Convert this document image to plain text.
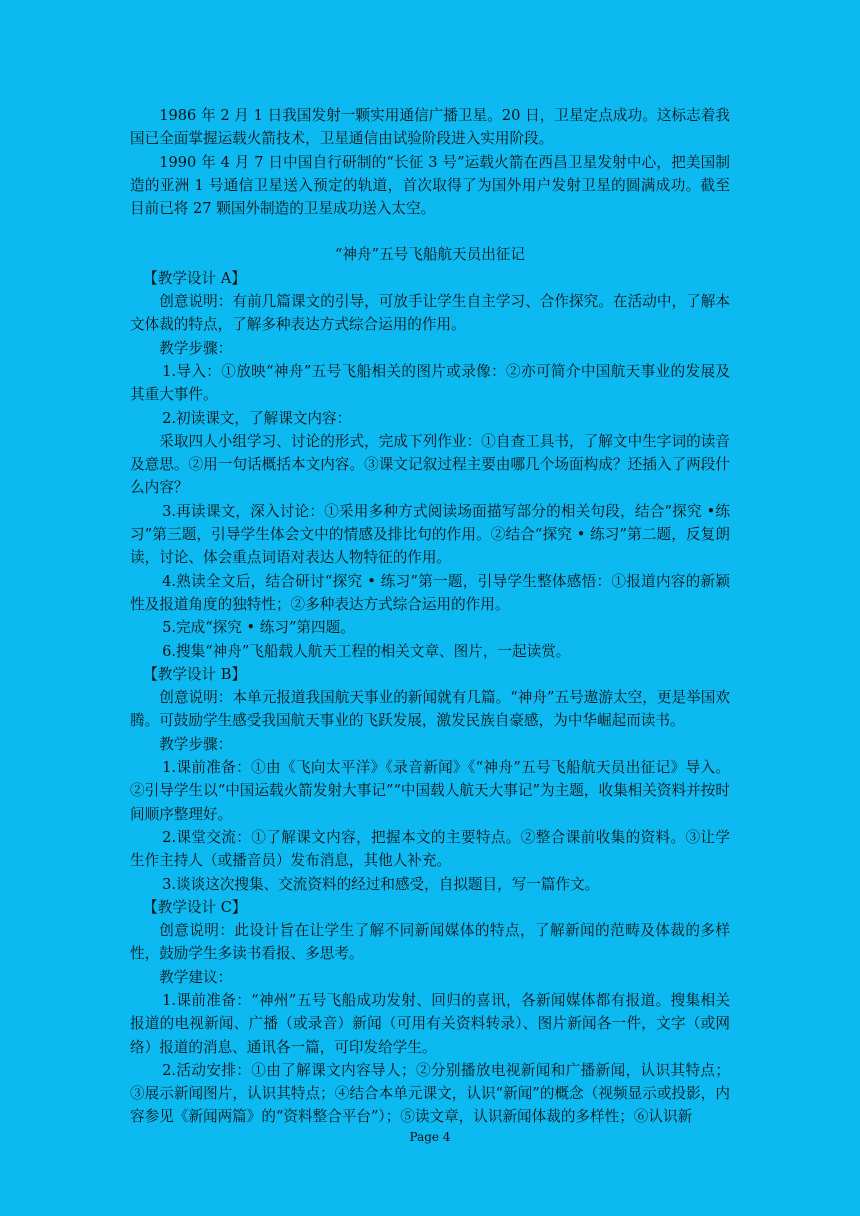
1986 年 2 月 1 日我国发射一颗实用通信广播卫星。20 日，卫星定点成功。这标志着我国已全面掌握运载火箭技术，卫星通信由试验阶段进入实用阶段。

1990 年 4 月 7 日中国自行研制的“长征 3 号”运载火箭在西昌卫星发射中心，把美国制造的亚洲 1 号通信卫星送入预定的轨道，首次取得了为国外用户发射卫星的圆满成功。截至目前已将 27 颗国外制造的卫星成功送入太空。

“神舟”五号飞船航天员出征记

【教学设计 A】

创意说明：有前几篇课文的引导，可放手让学生自主学习、合作探究。在活动中，了解本文体裁的特点，了解多种表达方式综合运用的作用。

教学步骤：

1.导入：①放映“神舟”五号飞船相关的图片或录像：②亦可简介中国航天事业的发展及其重大事件。

2.初读课文，了解课文内容：

采取四人小组学习、讨论的形式，完成下列作业：①自查工具书，了解文中生字词的读音及意思。②用一句话概括本文内容。③课文记叙过程主要由哪几个场面构成？还插入了两段什么内容？

3.再读课文，深入讨论：①采用多种方式阅读场面描写部分的相关句段，结合“探究 •练习”第三题，引导学生体会文中的情感及排比句的作用。②结合“探究 • 练习”第二题，反复朗读，讨论、体会重点词语对表达人物特征的作用。

4.熟读全文后，结合研讨“探究 • 练习”第一题，引导学生整体感悟：①报道内容的新颖性及报道角度的独特性；②多种表达方式综合运用的作用。

5.完成“探究 • 练习”第四题。

6.搜集“神舟”飞船载人航天工程的相关文章、图片，一起读赏。

【教学设计 B】

创意说明：本单元报道我国航天事业的新闻就有几篇。“神舟”五号遨游太空，更是举国欢腾。可鼓励学生感受我国航天事业的飞跃发展，激发民族自豪感，为中华崛起而读书。

教学步骤：

1.课前准备：①由《飞向太平洋》《录音新闻》《“神舟”五号飞船航天员出征记》导入。②引导学生以“中国运载火箭发射大事记”“中国载人航天大事记”为主题，收集相关资料并按时间顺序整理好。

2.课堂交流：①了解课文内容，把握本文的主要特点。②整合课前收集的资料。③让学生作主持人（或播音员）发布消息，其他人补充。

3.谈谈这次搜集、交流资料的经过和感受，自拟题目，写一篇作文。

【教学设计 C】

创意说明：此设计旨在让学生了解不同新闻媒体的特点，了解新闻的范畴及体裁的多样性，鼓励学生多读书看报、多思考。

教学建议：

1.课前准备：“神州”五号飞船成功发射、回归的喜讯，各新闻媒体都有报道。搜集相关报道的电视新闻、广播（或录音）新闻（可用有关资料转录）、图片新闻各一件，文字（或网络）报道的消息、通讯各一篇，可印发给学生。

2.活动安排：①由了解课文内容导人；②分别播放电视新闻和广播新闻，认识其特点；③展示新闻图片，认识其特点；④结合本单元课文，认识“新闻”的概念（视频显示或投影，内容参见《新闻两篇》的“资料整合平台”）；⑤读文章，认识新闻体裁的多样性；⑥认识新

Page 4
